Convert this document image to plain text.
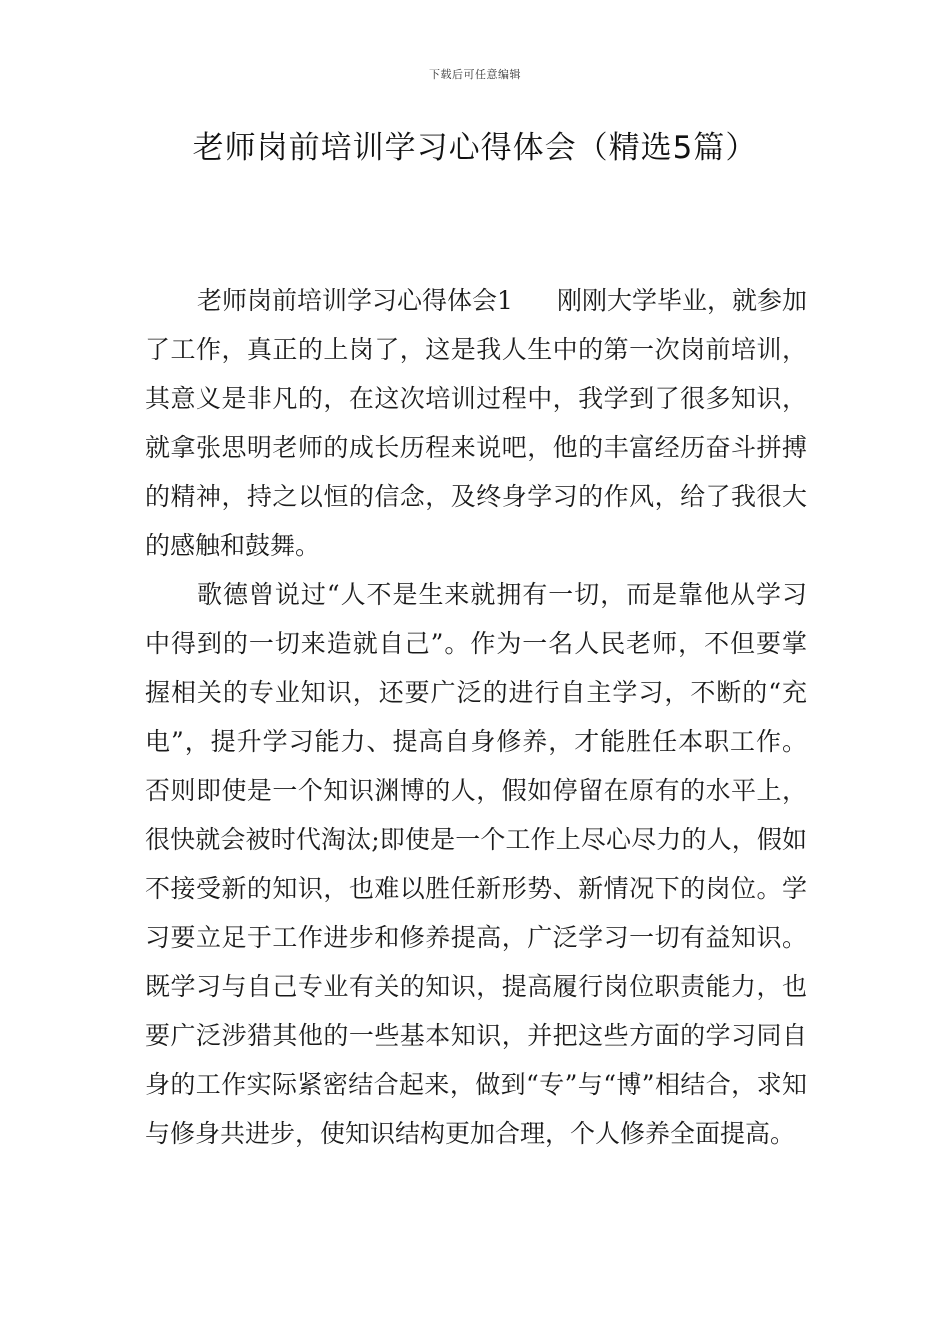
下载后可任意编辑
老师岗前培训学习心得体会（精选5篇）

老师岗前培训学习心得体会1 刚刚大学毕业，就参加了工作，真正的上岗了，这是我人生中的第一次岗前培训，其意义是非凡的，在这次培训过程中，我学到了很多知识，就拿张思明老师的成长历程来说吧，他的丰富经历奋斗拼搏的精神，持之以恒的信念，及终身学习的作风，给了我很大的感触和鼓舞。

歌德曾说过“人不是生来就拥有一切，而是靠他从学习中得到的一切来造就自己”。作为一名人民老师，不但要掌握相关的专业知识，还要广泛的进行自主学习，不断的“充电”，提升学习能力、提高自身修养，才能胜任本职工作。否则即使是一个知识渊博的人，假如停留在原有的水平上，很快就会被时代淘汰;即使是一个工作上尽心尽力的人，假如不接受新的知识，也难以胜任新形势、新情况下的岗位。学习要立足于工作进步和修养提高，广泛学习一切有益知识。既学习与自己专业有关的知识，提高履行岗位职责能力，也要广泛涉猎其他的一些基本知识，并把这些方面的学习同自身的工作实际紧密结合起来，做到“专”与“博”相结合，求知与修身共进步，使知识结构更加合理，个人修养全面提高。
